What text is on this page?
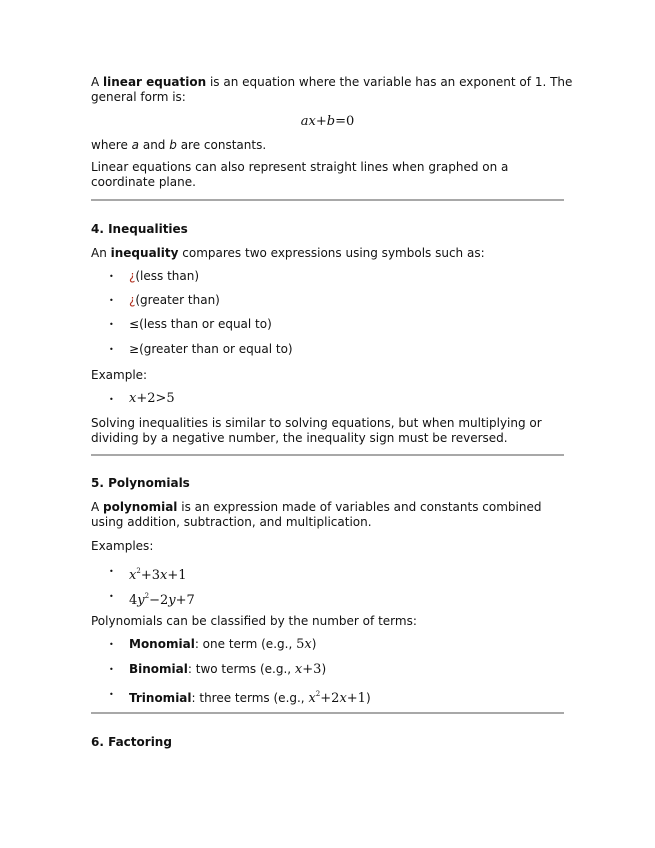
A linear equation is an equation where the variable has an exponent of 1. The
general form is:
ax+b=0
where a and b are constants.
Linear equations can also represent straight lines when graphed on a
coordinate plane.
4. Inequalities
An inequality compares two expressions using symbols such as:
• ¿(less than)
• ¿(greater than)
• ≤(less than or equal to)
• ≥(greater than or equal to)
Example:
• x+2>5
Solving inequalities is similar to solving equations, but when multiplying or
dividing by a negative number, the inequality sign must be reversed.
5. Polynomials
A polynomial is an expression made of variables and constants combined
using addition, subtraction, and multiplication.
Examples:
• $x^2+3x+1$
• $4y^2-2y+7$
Polynomials can be classified by the number of terms:
• Monomial: one term (e.g., 5x)
• Binomial: two terms (e.g., x+3)
• Trinomial: three terms (e.g., $x^2+2x+1$)
6. Factoring
